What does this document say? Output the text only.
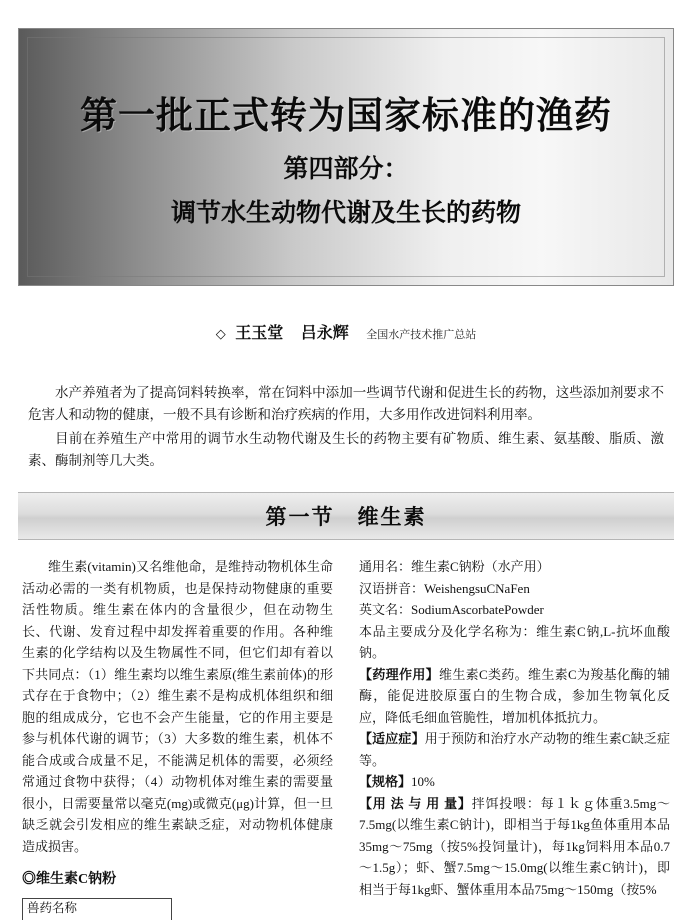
第一批正式转为国家标准的渔药
第四部分：
调节水生动物代谢及生长的药物
◇ 王玉堂 吕永辉 全国水产技术推广总站

水产养殖者为了提高饲料转换率，常在饲料中添加一些调节代谢和促进生长的药物，这些添加剂要求不危害人和动物的健康，一般不具有诊断和治疗疾病的作用，大多用作改进饲料利用率。

目前在养殖生产中常用的调节水生动物代谢及生长的药物主要有矿物质、维生素、氨基酸、脂质、激素、酶制剂等几大类。

第一节　维生素

维生素(vitamin)又名维他命，是维持动物机体生命活动必需的一类有机物质，也是保持动物健康的重要活性物质。维生素在体内的含量很少，但在动物生长、代谢、发育过程中却发挥着重要的作用。各种维生素的化学结构以及生物属性不同，但它们却有着以下共同点：（1）维生素均以维生素原(维生素前体)的形式存在于食物中；（2）维生素不是构成机体组织和细胞的组成成分，它也不会产生能量，它的作用主要是参与机体代谢的调节；（3）大多数的维生素，机体不能合成或合成量不足，不能满足机体的需要，必须经常通过食物中获得；（4）动物机体对维生素的需要量很小，日需要量常以毫克(mg)或微克(μg)计算，但一旦缺乏就会引发相应的维生素缺乏症，对动物机体健康造成损害。

◎维生素C钠粉
兽药名称

通用名：维生素C钠粉（水产用）

汉语拼音：WeishengsuCNaFen

英文名：SodiumAscorbatePowder

本品主要成分及化学名称为：维生素C钠,L-抗坏血酸钠。

【药理作用】维生素C类药。维生素C为羧基化酶的辅酶，能促进胶原蛋白的生物合成，参加生物氧化反应，降低毛细血管脆性，增加机体抵抗力。

【适应症】用于预防和治疗水产动物的维生素C缺乏症等。

【规格】10%

【用 法 与 用 量】拌饵投喂：每１ｋｇ体重3.5mg～7.5mg(以维生素C钠计)，即相当于每1kg鱼体重用本品35mg～75mg（按5%投饲量计)，每1kg饲料用本品0.7～1.5g）；虾、蟹7.5mg～15.0mg(以维生素C钠计)，即相当于每1kg虾、蟹体重用本品75mg～150mg（按5%
